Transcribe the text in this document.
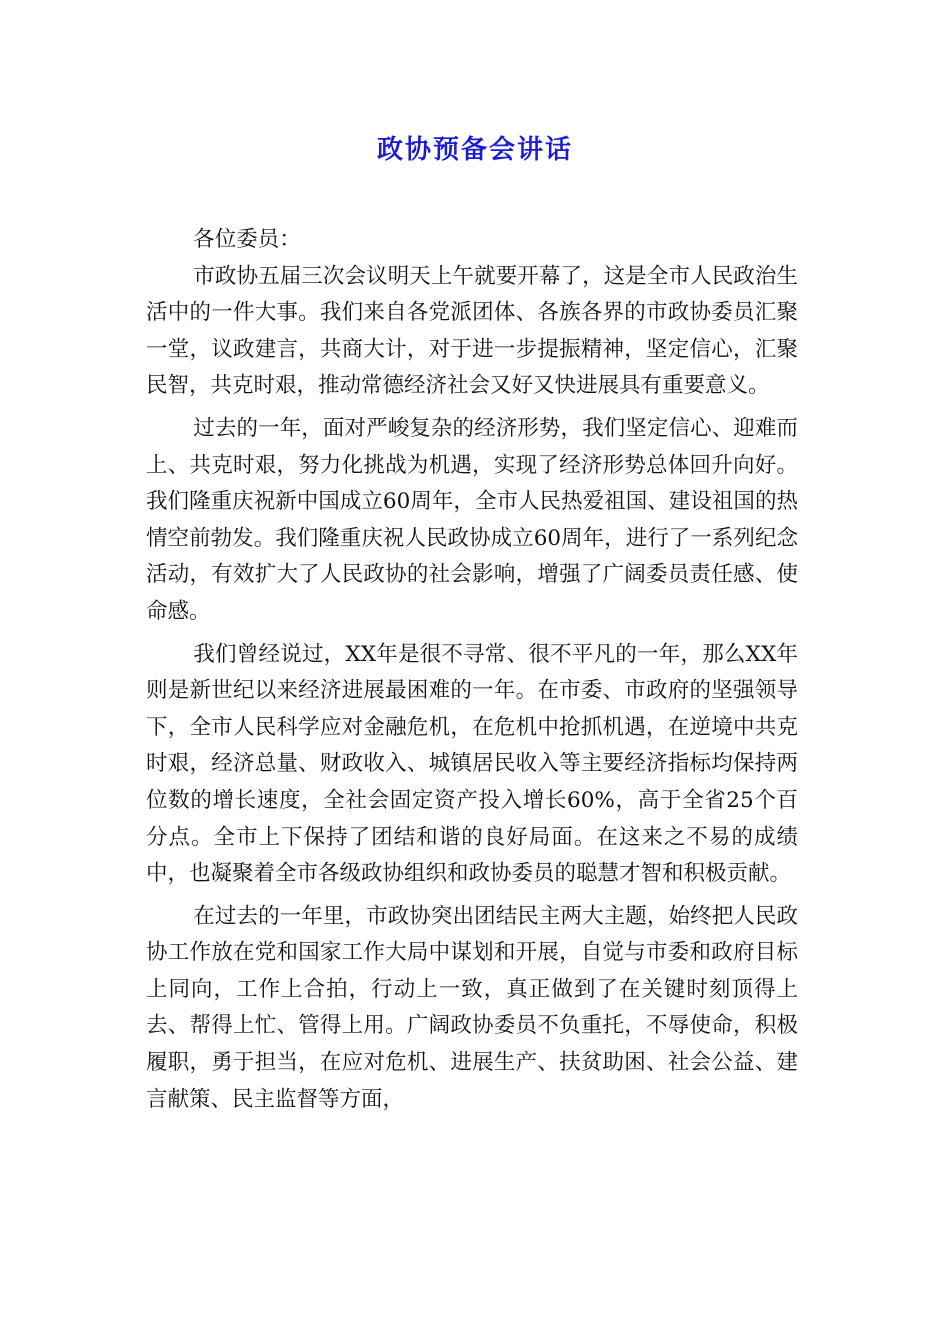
政协预备会讲话

各位委员：

市政协五届三次会议明天上午就要开幕了，这是全市人民政治生活中的一件大事。我们来自各党派团体、各族各界的市政协委员汇聚一堂，议政建言，共商大计，对于进一步提振精神，坚定信心，汇聚民智，共克时艰，推动常德经济社会又好又快进展具有重要意义。

过去的一年，面对严峻复杂的经济形势，我们坚定信心、迎难而上、共克时艰，努力化挑战为机遇，实现了经济形势总体回升向好。我们隆重庆祝新中国成立60周年，全市人民热爱祖国、建设祖国的热情空前勃发。我们隆重庆祝人民政协成立60周年，进行了一系列纪念活动，有效扩大了人民政协的社会影响，增强了广阔委员责任感、使命感。

我们曾经说过，XX年是很不寻常、很不平凡的一年，那么XX年则是新世纪以来经济进展最困难的一年。在市委、市政府的坚强领导下，全市人民科学应对金融危机，在危机中抢抓机遇，在逆境中共克时艰，经济总量、财政收入、城镇居民收入等主要经济指标均保持两位数的增长速度，全社会固定资产投入增长60%，高于全省25个百分点。全市上下保持了团结和谐的良好局面。在这来之不易的成绩中，也凝聚着全市各级政协组织和政协委员的聪慧才智和积极贡献。

在过去的一年里，市政协突出团结民主两大主题，始终把人民政协工作放在党和国家工作大局中谋划和开展，自觉与市委和政府目标上同向，工作上合拍，行动上一致，真正做到了在关键时刻顶得上去、帮得上忙、管得上用。广阔政协委员不负重托，不辱使命，积极履职，勇于担当，在应对危机、进展生产、扶贫助困、社会公益、建言献策、民主监督等方面，
